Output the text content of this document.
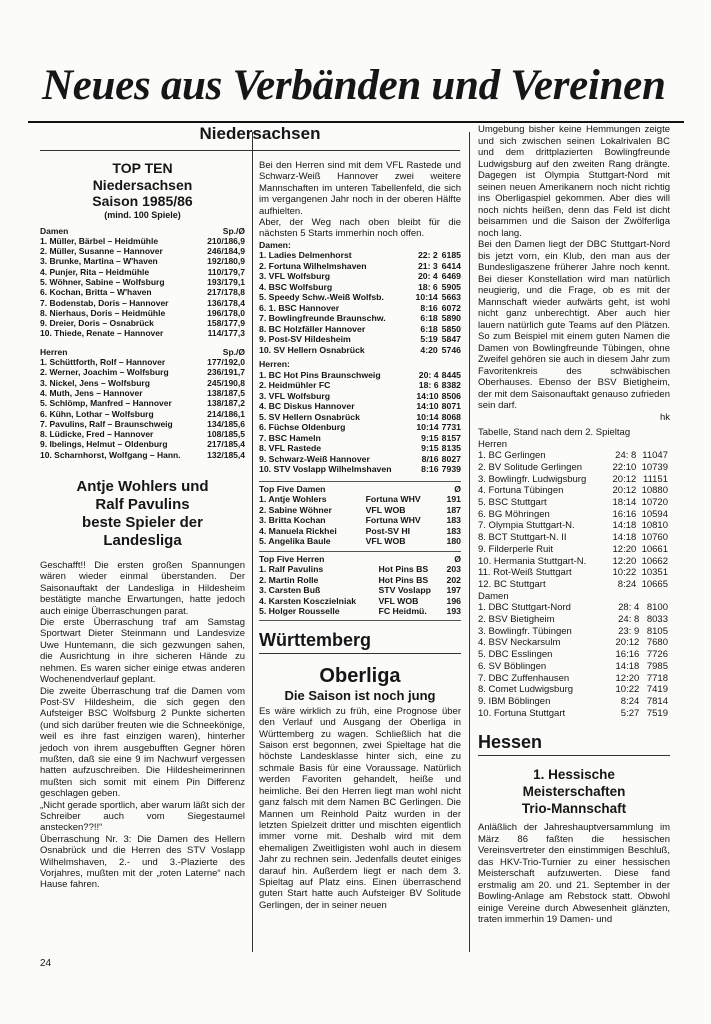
Neues aus Verbänden und Vereinen
Niedersachsen
TOP TEN
Niedersachsen
Saison 1985/86
(mind. 100 Spiele)
Damen	Sp./Ø
1. Müller, Bärbel – Heidmühle	210/186,9
2. Müller, Susanne – Hannover	246/184,9
3. Brunke, Martina – W'haven	192/180,9
4. Punjer, Rita – Heidmühle	110/179,7
5. Wöhner, Sabine – Wolfsburg	193/179,1
6. Kochan, Britta – W'haven	217/178,8
7. Bodenstab, Doris – Hannover	136/178,4
8. Nierhaus, Doris – Heidmühle	196/178,0
9. Dreier, Doris – Osnabrück	158/177,9
10. Thiede, Renate – Hannover	114/177,3
Herren	Sp./Ø
1. Schüttforth, Rolf – Hannover	177/192,0
2. Werner, Joachim – Wolfsburg	236/191,7
3. Nickel, Jens – Wolfsburg	245/190,8
4. Muth, Jens – Hannover	138/187,5
5. Schlömp, Manfred – Hannover	138/187,2
6. Kühn, Lothar – Wolfsburg	214/186,1
7. Pavulins, Ralf – Braunschweig	134/185,6
8. Lüdicke, Fred – Hannover	108/185,5
9. Ibelings, Helmut – Oldenburg	217/185,4
10. Scharnhorst, Wolfgang – Hann.	132/185,4
Antje Wohlers und
Ralf Pavulins
beste Spieler der
Landesliga

Geschafft!! Die ersten großen Spannungen wären wieder einmal überstanden. Der Saisonauftakt der Landesliga in Hildesheim bestätigte manche Erwartungen, hatte jedoch auch einige Überraschungen parat.

Die erste Überraschung traf am Samstag Sportwart Dieter Steinmann und Landesvize Uwe Huntemann, die sich gezwungen sahen, die Ausrichtung in ihre sicheren Hände zu nehmen. Es waren sicher einige etwas anderen Wochenendverlauf geplant.

Die zweite Überraschung traf die Damen vom Post-SV Hildesheim, die sich gegen den Aufsteiger BSC Wolfsburg 2 Punkte sicherten (und sich darüber freuten wie die Schneekönige, weil es ihre fast einzigen waren), hinterher jedoch von ihrem ausgebufften Gegner hören mußten, daß sie eine 9 im Nachwurf vergessen hatten aufzuschreiben. Die Hildesheimerinnen mußten sich somit mit einem Pin Differenz geschlagen geben.

„Nicht gerade sportlich, aber warum läßt sich der Schreiber auch vom Siegestaumel anstecken??!!“

Überraschung Nr. 3: Die Damen des Hellern Osnabrück und die Herren des STV Voslapp Wilhelmshaven, 2.- und 3.-Plazierte des Vorjahres, mußten mit der „roten Laterne“ nach Hause fahren.

Bei den Herren sind mit dem VFL Rastede und Schwarz-Weiß Hannover zwei weitere Mannschaften im unteren Tabellenfeld, die sich im vergangenen Jahr noch in der oberen Hälfte aufhielten.

Aber, der Weg nach oben bleibt für die nächsten 5 Starts immerhin noch offen.

Damen:		
1. Ladies Delmenhorst	22: 2	6185
2. Fortuna Wilhelmshaven	21: 3	6414
3. VFL Wolfsburg	20: 4	6469
4. BSC Wolfsburg	18: 6	5905
5. Speedy Schw.-Weiß Wolfsb.	10:14	5663
6. 1. BSC Hannover	8:16	6072
7. Bowlingfreunde Braunschw.	6:18	5890
8. BC Holzfäller Hannover	6:18	5850
9. Post-SV Hildesheim	5:19	5847
10. SV Hellern Osnabrück	4:20	5746
Herren:		
1. BC Hot Pins Braunschweig	20: 4	8445
2. Heidmühler FC	18: 6	8382
3. VFL Wolfsburg	14:10	8506
4. BC Diskus Hannover	14:10	8071
5. SV Hellern Osnabrück	10:14	8068
6. Füchse Oldenburg	10:14	7731
7. BSC Hameln	9:15	8157
8. VFL Rastede	9:15	8135
9. Schwarz-Weiß Hannover	8/16	8027
10. STV Voslapp Wilhelmshaven	8:16	7939
Top Five Damen		Ø
1. Antje Wohlers	Fortuna WHV	191
2. Sabine Wöhner	VFL WOB	187
3. Britta Kochan	Fortuna WHV	183
4. Manuela Rickhei	Post-SV HI	183
5. Angelika Baule	VFL WOB	180
Top Five Herren		Ø
1. Ralf Pavulins	Hot Pins BS	203
2. Martin Rolle	Hot Pins BS	202
3. Carsten Buß	STV Voslapp	197
4. Karsten Kosczielniak	VFL WOB	196
5. Holger Rousselle	FC Heidmü.	193
Württemberg
Oberliga
Die Saison ist noch jung

Es wäre wirklich zu früh, eine Prognose über den Verlauf und Ausgang der Oberliga in Württemberg zu wagen. Schließlich hat die Saison erst begonnen, zwei Spieltage hat die höchste Landesklasse hinter sich, eine zu schmale Basis für eine Voraussage. Natürlich werden Favoriten gehandelt, heiße und heimliche. Bei den Herren liegt man wohl nicht ganz falsch mit dem Namen BC Gerlingen. Die Mannen um Reinhold Paitz wurden in der letzten Spielzeit dritter und mischten eigentlich immer vorne mit. Deshalb wird mit dem ehemaligen Zweitligisten wohl auch in diesem Jahr zu rechnen sein. Jedenfalls deutet einiges darauf hin. Außerdem liegt er nach dem 3. Spieltag auf Platz eins. Einen überraschend guten Start hatte auch Aufsteiger BV Solitude Gerlingen, der in seiner neuen

Umgebung bisher keine Hemmungen zeigte und sich zwischen seinen Lokalrivalen BC und dem drittplazierten Bowlingfreunde Ludwigsburg auf den zweiten Rang drängte. Dagegen ist Olympia Stuttgart-Nord mit seinen neuen Amerikanern noch nicht richtig ins Oberligaspiel gekommen. Aber dies will noch nichts heißen, denn das Feld ist dicht beisammen und die Saison der Zwölferliga noch lang.

Bei den Damen liegt der DBC Stuttgart-Nord bis jetzt vorn, ein Klub, den man aus der Bundesligaszene früherer Jahre noch kennt. Bei dieser Konstellation wird man natürlich neugierig, und die Frage, ob es mit der Mannschaft wieder aufwärts geht, ist wohl nicht ganz unberechtigt. Aber auch hier lauern natürlich gute Teams auf den Plätzen. So zum Beispiel mit einem guten Namen die Damen von Bowlingfreunde Tübingen, ohne Zweifel gehören sie auch in diesem Jahr zum Favoritenkreis des schwäbischen Oberhauses. Ebenso der BSV Bietigheim, der mit dem Saisonauftakt genauso zufrieden sein darf.

hk
Tabelle, Stand nach dem 2. Spieltag
Herren		
1. BC Gerlingen	24: 8	11047
2. BV Solitude Gerlingen	22:10	10739
3. Bowlingfr. Ludwigsburg	20:12	11151
4. Fortuna Tübingen	20:12	10880
5. BSC Stuttgart	18:14	10720
6. BG Möhringen	16:16	10594
7. Olympia Stuttgart-N.	14:18	10810
8. BCT Stuttgart-N. II	14:18	10760
9. Filderperle Ruit	12:20	10661
10. Hermania Stuttgart-N.	12:20	10662
11. Rot-Weiß Stuttgart	10:22	10351
12. BC Stuttgart	8:24	10665
Damen		
1. DBC Stuttgart-Nord	28: 4	8100
2. BSV Bietigheim	24: 8	8033
3. Bowlingfr. Tübingen	23: 9	8105
4. BSV Neckarsulm	20:12	7680
5. DBC Esslingen	16:16	7726
6. SV Böblingen	14:18	7985
7. DBC Zuffenhausen	12:20	7718
8. Comet Ludwigsburg	10:22	7419
9. IBM Böblingen	8:24	7814
10. Fortuna Stuttgart	5:27	7519
Hessen
1. Hessische
Meisterschaften
Trio-Mannschaft

Anläßlich der Jahreshauptversammlung im März 86 faßten die hessischen Vereinsvertreter den einstimmigen Beschluß, das HKV-Trio-Turnier zu einer hessischen Meisterschaft aufzuwerten. Diese fand erstmalig am 20. und 21. September in der Bowling-Anlage am Rebstock statt. Obwohl einige Vereine durch Abwesenheit glänzten, traten immerhin 19 Damen- und

24
